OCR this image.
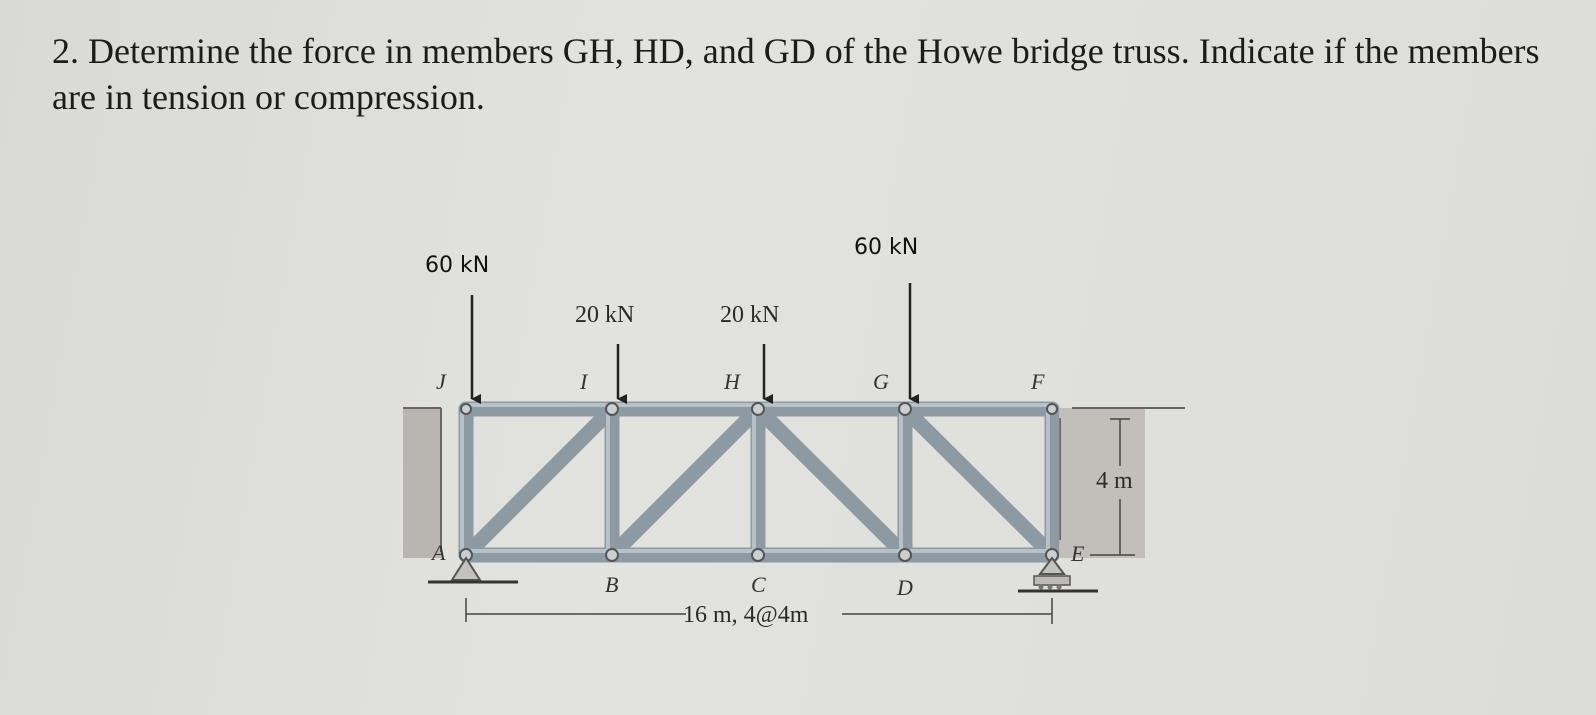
2. Determine the force in members GH, HD, and GD of the Howe bridge truss. Indicate if the members are in tension or compression.
60 kN
20 kN	20 kN
60 kN
J	I	H	G	F
A
B	C	D
E
16 m, 4@4m
4 m
